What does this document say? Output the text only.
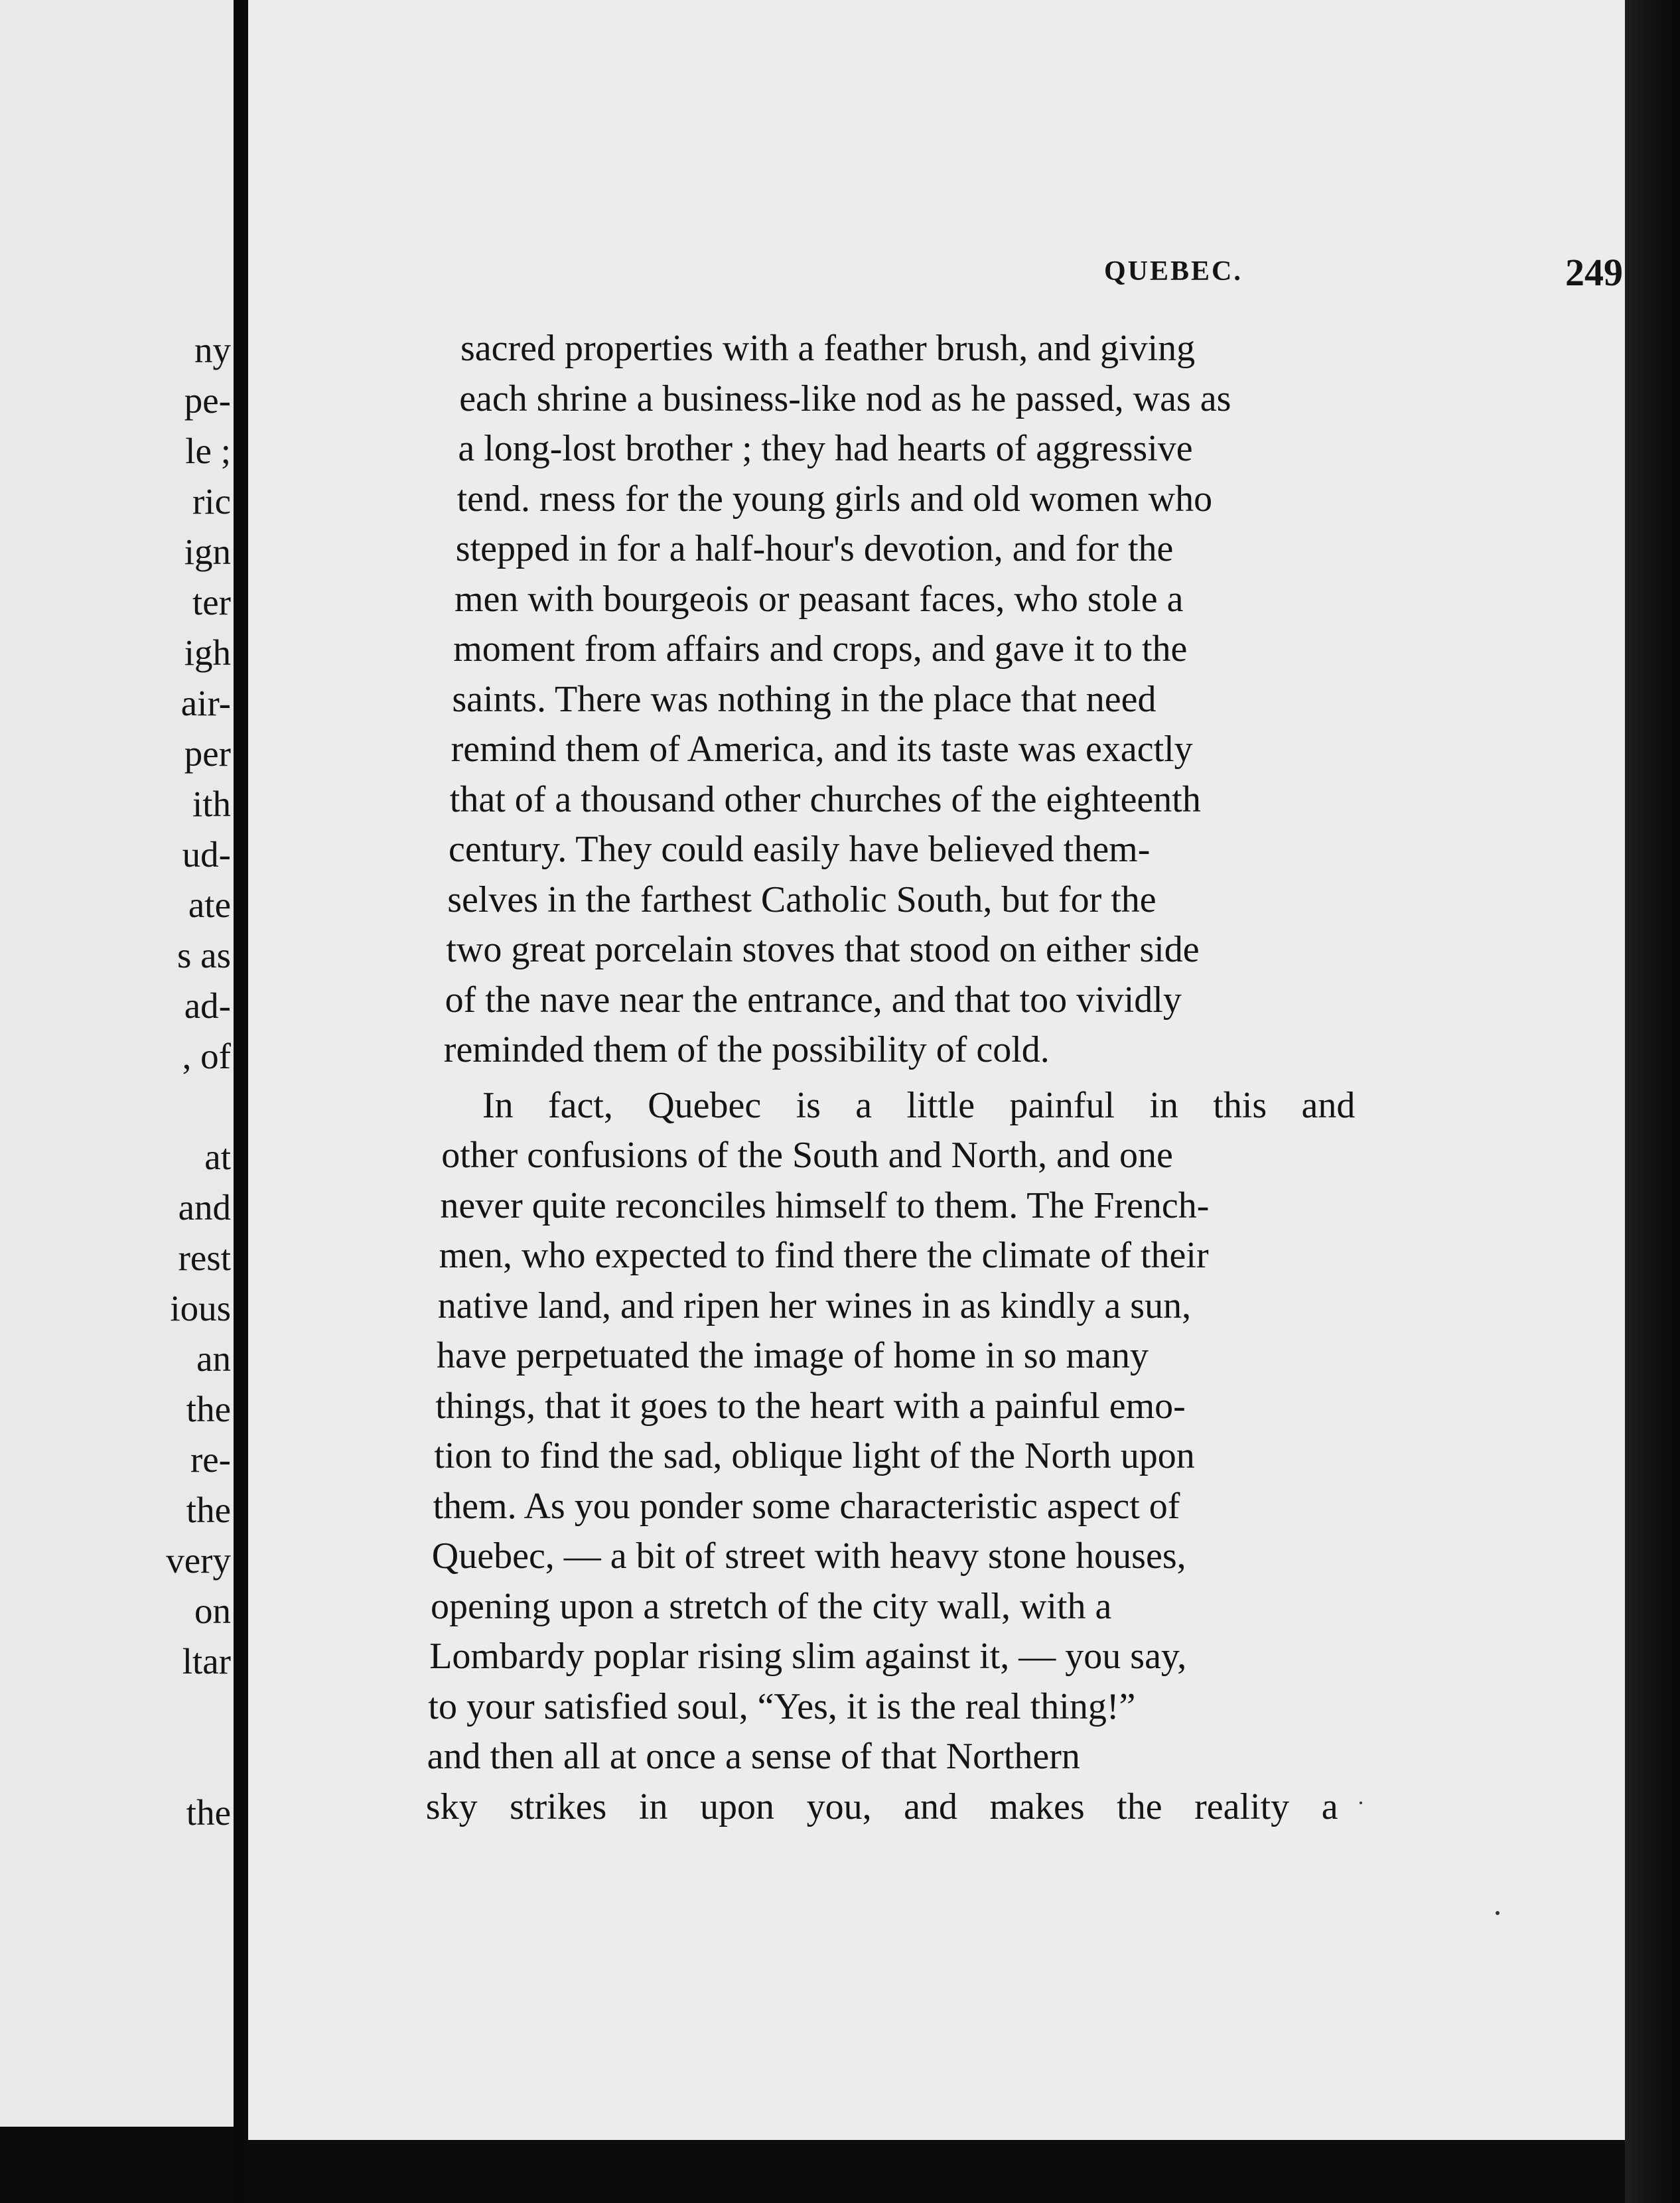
ny
pe-
le ;
ric
ign
ter
igh
air-
per
ith
ud-
ate
s as
ad-
, of
at
and
rest
ious
an
the
re-
the
very
on
ltar
the
QUEBEC.	249
sacred properties with a feather brush, and giving
each shrine a business-like nod as he passed, was as
a long-lost brother ; they had hearts of aggressive
tend. rness for the young girls and old women who
stepped in for a half-hour's devotion, and for the
men with bourgeois or peasant faces, who stole a
moment from affairs and crops, and gave it to the
saints. There was nothing in the place that need
remind them of America, and its taste was exactly
that of a thousand other churches of the eighteenth
century. They could easily have believed them-
selves in the farthest Catholic South, but for the
two great porcelain stoves that stood on either side
of the nave near the entrance, and that too vividly
reminded them of the possibility of cold.
In fact, Quebec is a little painful in this and
other confusions of the South and North, and one
never quite reconciles himself to them. The French-
men, who expected to find there the climate of their
native land, and ripen her wines in as kindly a sun,
have perpetuated the image of home in so many
things, that it goes to the heart with a painful emo-
tion to find the sad, oblique light of the North upon
them. As you ponder some characteristic aspect of
Quebec, — a bit of street with heavy stone houses,
opening upon a stretch of the city wall, with a
Lombardy poplar rising slim against it, — you say,
to your satisfied soul, “Yes, it is the real thing!”
and then all at once a sense of that Northern
sky strikes in upon you, and makes the reality a
